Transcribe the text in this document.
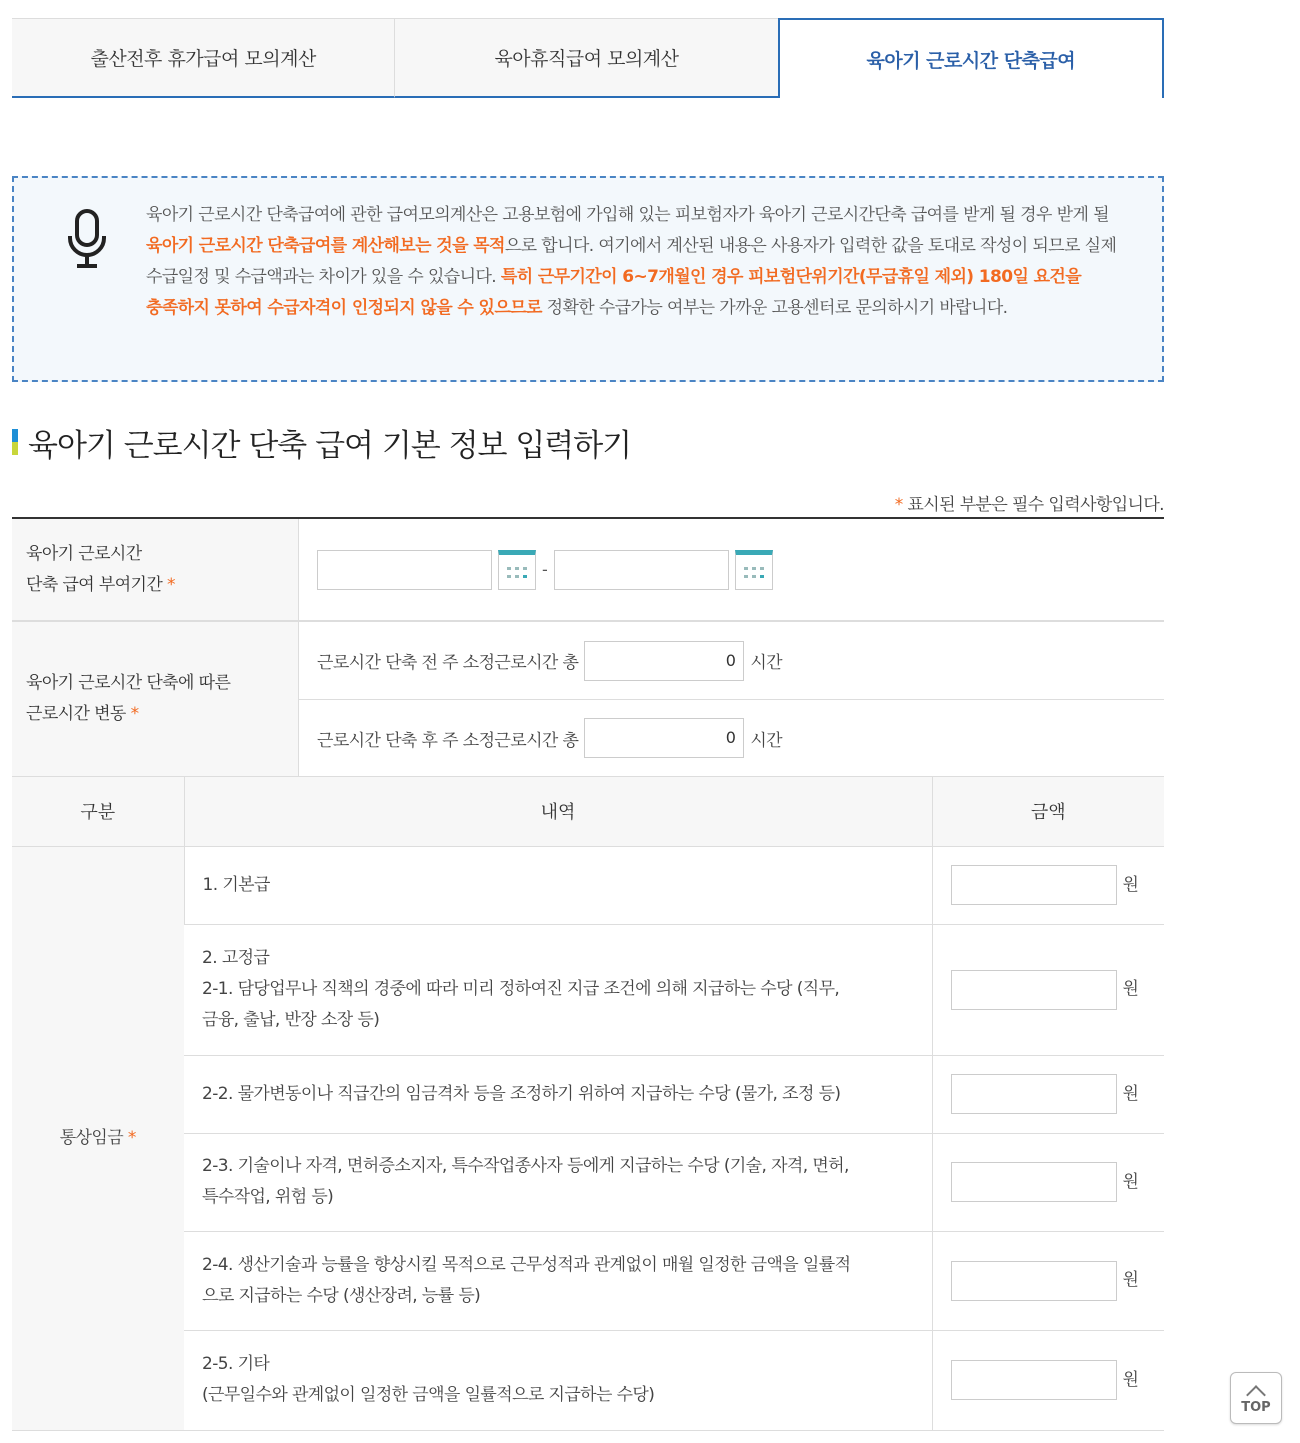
출산전후 휴가급여 모의계산	육아휴직급여 모의계산	육아기 근로시간 단축급여

육아기 근로시간 단축급여에 관한 급여모의계산은 고용보험에 가입해 있는 피보험자가 육아기 근로시간단축 급여를 받게 될 경우 받게 될 육아기 근로시간 단축급여를 계산해보는 것을 목적으로 합니다. 여기에서 계산된 내용은 사용자가 입력한 값을 토대로 작성이 되므로 실제 수급일정 및 수급액과는 차이가 있을 수 있습니다. 특히 근무기간이 6~7개월인 경우 피보험단위기간(무급휴일 제외) 180일 요건을 충족하지 못하여 수급자격이 인정되지 않을 수 있으므로 정확한 수급가능 여부는 가까운 고용센터로 문의하시기 바랍니다.

육아기 근로시간 단축 급여 기본 정보 입력하기
* 표시된 부분은 필수 입력사항입니다.
육아기 근로시간
단축 급여 부여기간 *
-
육아기 근로시간 단축에 따른
근로시간 변동 *
근로시간 단축 전 주 소정근로시간 총	0 시간
근로시간 단축 후 주 소정근로시간 총	0 시간
구분	내역	금액
통상임금 *	1. 기본급	원

	2. 고정급
2-1. 담당업무나 직책의 경중에 따라 미리 정하여진 지급 조건에 의해 지급하는 수당 (직무,
금융, 출납, 반장 소장 등)	원

	2-2. 물가변동이나 직급간의 임금격차 등을 조정하기 위하여 지급하는 수당 (물가, 조정 등)	원

	2-3. 기술이나 자격, 면허증소지자, 특수작업종사자 등에게 지급하는 수당 (기술, 자격, 면허,
특수작업, 위험 등)	원

	2-4. 생산기술과 능률을 향상시킬 목적으로 근무성적과 관계없이 매월 일정한 금액을 일률적
으로 지급하는 수당 (생산장려, 능률 등)	원

	2-5. 기타
(근무일수와 관계없이 일정한 금액을 일률적으로 지급하는 수당)	원
TOP
